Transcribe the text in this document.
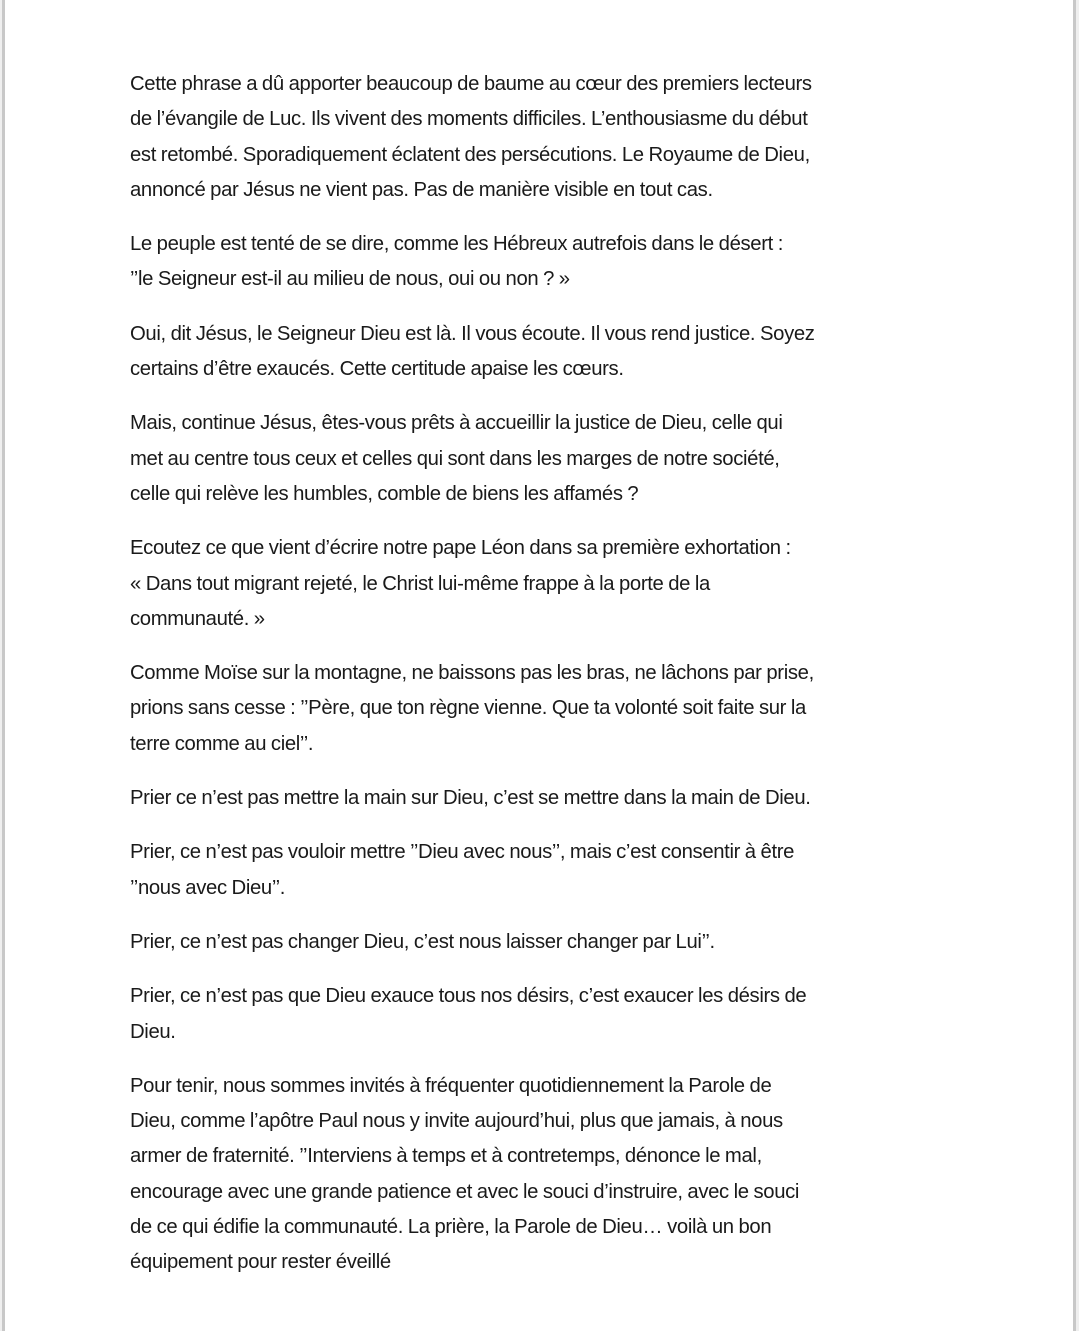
Cette phrase a dû apporter beaucoup de baume au cœur des premiers lecteurs
de l’évangile de Luc. Ils vivent des moments difficiles. L’enthousiasme du début
est retombé. Sporadiquement éclatent des persécutions. Le Royaume de Dieu,
annoncé par Jésus ne vient pas. Pas de manière visible en tout cas.

Le peuple est tenté de se dire, comme les Hébreux autrefois dans le désert :
’’le Seigneur est-il au milieu de nous, oui ou non ? »

Oui, dit Jésus, le Seigneur Dieu est là. Il vous écoute. Il vous rend justice. Soyez
certains d’être exaucés. Cette certitude apaise les cœurs.

Mais, continue Jésus, êtes-vous prêts à accueillir la justice de Dieu, celle qui
met au centre tous ceux et celles qui sont dans les marges de notre société,
celle qui relève les humbles, comble de biens les affamés ?

Ecoutez ce que vient d’écrire notre pape Léon dans sa première exhortation :
« Dans tout migrant rejeté, le Christ lui-même frappe à la porte de la
communauté. »

Comme Moïse sur la montagne, ne baissons pas les bras, ne lâchons par prise,
prions sans cesse : ’’Père, que ton règne vienne. Que ta volonté soit faite sur la
terre comme au ciel’’.

Prier ce n’est pas mettre la main sur Dieu, c’est se mettre dans la main de Dieu.

Prier, ce n’est pas vouloir mettre ’’Dieu avec nous’’, mais c’est consentir à être
’’nous avec Dieu’’.

Prier, ce n’est pas changer Dieu, c’est nous laisser changer par Lui’’.

Prier, ce n’est pas que Dieu exauce tous nos désirs, c’est exaucer les désirs de
Dieu.

Pour tenir, nous sommes invités à fréquenter quotidiennement la Parole de
Dieu, comme l’apôtre Paul nous y invite aujourd’hui, plus que jamais, à nous
armer de fraternité. ’’Interviens à temps et à contretemps, dénonce le mal,
encourage avec une grande patience et avec le souci d’instruire, avec le souci
de ce qui édifie la communauté. La prière, la Parole de Dieu… voilà un bon
équipement pour rester éveillé
